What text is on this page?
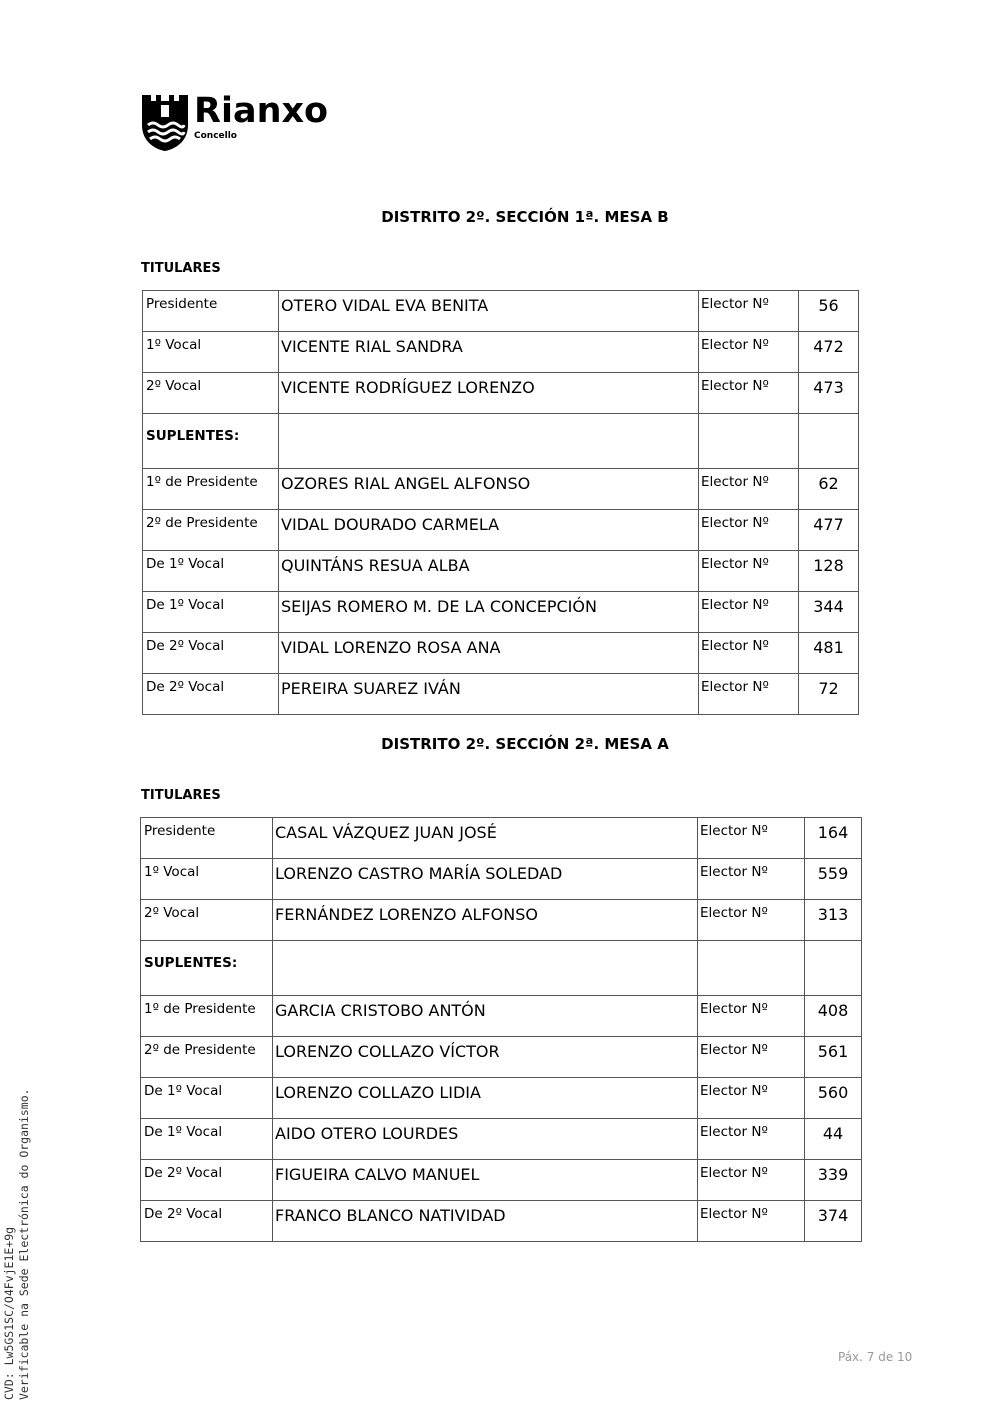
Rianxo
Concello
DISTRITO 2º. SECCIÓN 1ª. MESA B
TITULARES
Presidente	OTERO VIDAL EVA BENITA	Elector Nº	56
1º Vocal	VICENTE RIAL SANDRA	Elector Nº	472
2º Vocal	VICENTE RODRÍGUEZ LORENZO	Elector Nº	473
SUPLENTES:			
1º de Presidente	OZORES RIAL ANGEL ALFONSO	Elector Nº	62
2º de Presidente	VIDAL DOURADO CARMELA	Elector Nº	477
De 1º Vocal	QUINTÁNS RESUA ALBA	Elector Nº	128
De 1º Vocal	SEIJAS ROMERO M. DE LA CONCEPCIÓN	Elector Nº	344
De 2º Vocal	VIDAL LORENZO ROSA ANA	Elector Nº	481
De 2º Vocal	PEREIRA SUAREZ IVÁN	Elector Nº	72
DISTRITO 2º. SECCIÓN 2ª. MESA A
TITULARES
Presidente	CASAL VÁZQUEZ JUAN JOSÉ	Elector Nº	164
1º Vocal	LORENZO CASTRO MARÍA SOLEDAD	Elector Nº	559
2º Vocal	FERNÁNDEZ LORENZO ALFONSO	Elector Nº	313
SUPLENTES:			
1º de Presidente	GARCIA CRISTOBO ANTÓN	Elector Nº	408
2º de Presidente	LORENZO COLLAZO VÍCTOR	Elector Nº	561
De 1º Vocal	LORENZO COLLAZO LIDIA	Elector Nº	560
De 1º Vocal	AIDO OTERO LOURDES	Elector Nº	44
De 2º Vocal	FIGUEIRA CALVO MANUEL	Elector Nº	339
De 2º Vocal	FRANCO BLANCO NATIVIDAD	Elector Nº	374
CVD: Lw5GS1SC/O4FvjE1E+9g Verificable na Sede Electrónica do Organismo.	Páx. 7 de 10
